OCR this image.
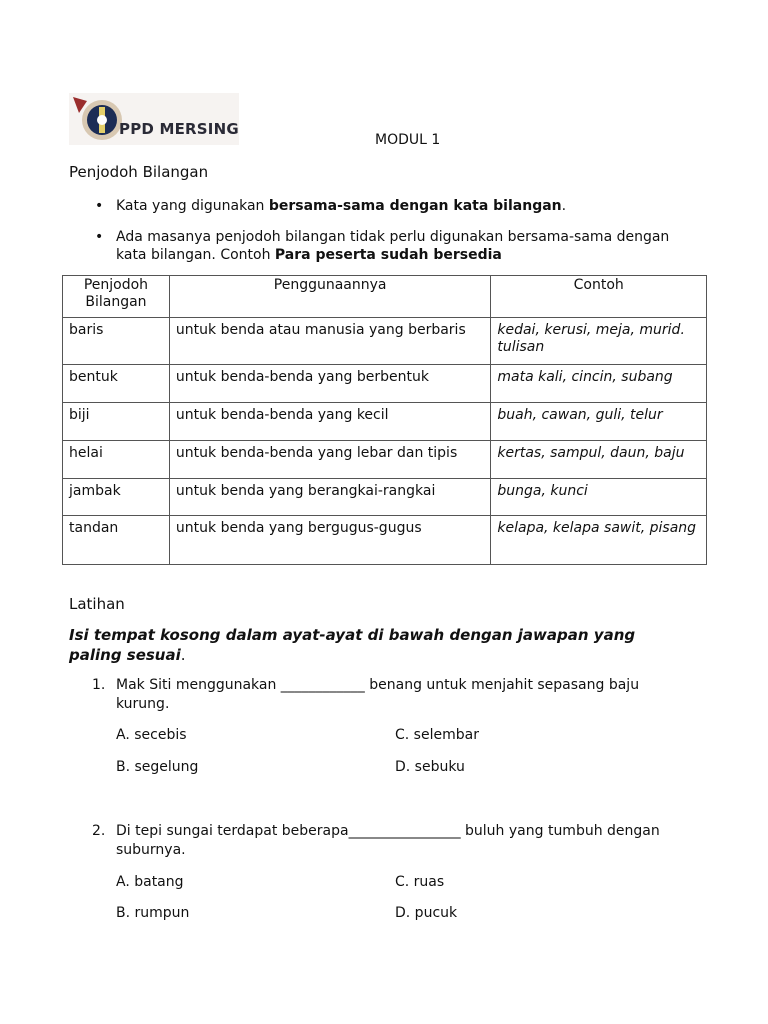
PPD MERSING
MODUL 1
Penjodoh Bilangan
• Kata yang digunakan bersama-sama dengan kata bilangan.
• Ada masanya penjodoh bilangan tidak perlu digunakan bersama-sama dengan
kata bilangan. Contoh Para peserta sudah bersedia
Penjodoh Bilangan	Penggunaannya	Contoh
baris	untuk benda atau manusia yang berbaris	kedai, kerusi, meja, murid. tulisan
bentuk	untuk benda-benda yang berbentuk	mata kali, cincin, subang
biji	untuk benda-benda yang kecil	buah, cawan, guli, telur
helai	untuk benda-benda yang lebar dan tipis	kertas, sampul, daun, baju
jambak	untuk benda yang berangkai-rangkai	bunga, kunci
tandan	untuk benda yang bergugus-gugus	kelapa, kelapa sawit, pisang
Latihan
Isi tempat kosong dalam ayat-ayat di bawah dengan jawapan yang paling sesuai.
1. Mak Siti menggunakan ____________ benang untuk menjahit sepasang baju kurung.
A. secebis
B. segelung
C. selembar
D. sebuku
2. Di tepi sungai terdapat beberapa________________ buluh yang tumbuh dengan suburnya.
A. batang
B. rumpun
C. ruas
D. pucuk
